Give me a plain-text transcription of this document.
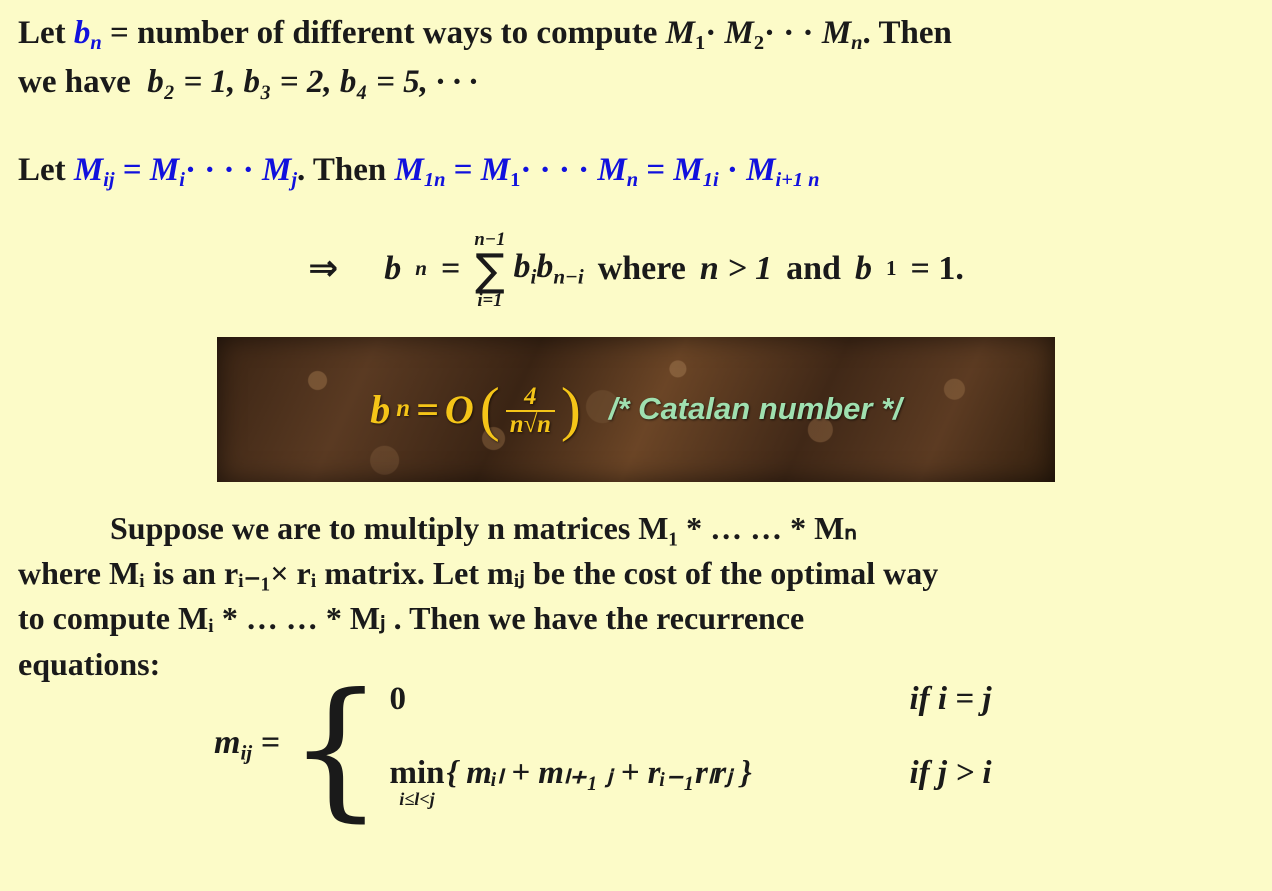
Let $b_n$ = number of different ways to compute M1· M2· · · $M_n$. Then
we have  b₂ = 1, b₃ = 2, b₄ = 5, · · ·
Let $M_{ij} = M_i\cdot$ · · · $M_j$. Then $M_{1n} = M1\cdot$ · · · $M_n = M_{1i} \cdot M_{i+1 n}$
⇒ b n =
n−1
∑
i=1
$b_ib_{n-i}$ where n > 1 and b 1 = 1.
b n = O ( $\frac{4}{n√n}$ ) /* Catalan number */
Suppose we are to multiply n matrices M₁ * … … * Mₙ
where Mᵢ is an rᵢ₋₁× rᵢ matrix. Let mᵢⱼ be the cost of the optimal way
to compute Mᵢ * … … * Mⱼ . Then we have the recurrence
equations:
$m_{ij}$ = { 0	if i = j
min
i≤l<j
{ mᵢₗ + mₗ₊₁ ⱼ + rᵢ₋₁rₗrⱼ }	if j > i
